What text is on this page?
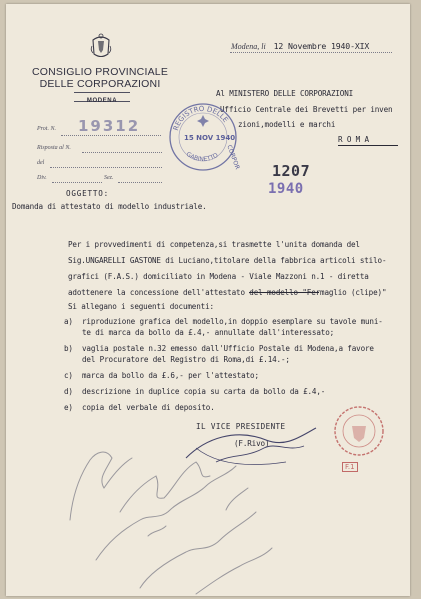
CONSIGLIO PROVINCIALE
DELLE CORPORAZIONI
MODENA
Modena, li 12 Novembre 1940-XIX
Al MINISTERO DELLE CORPORAZIONI
Ufficio Centrale dei Brevetti per inven
zioni,modelli e marchi
R O M A
Prot. N. 19312
Risposta al N.
del
Div.	Sez.
REGISTRO DELLE
GABINETTO
15 NOV 1940
CORPOR
1207
1940
OGGETTO:
Domanda di attestato di modello industriale.
Per i provvedimenti di competenza,si trasmette l'unita domanda del
Sig.UNGARELLI GASTONE di Luciano,titolare della fabbrica articoli stilo-
grafici (F.A.S.) domiciliato in Modena - Viale Mazzoni n.1 - diretta
adottenere la concessione dell'attestato del modello "Fermaglio (clipe)"
Si allegano i seguenti documenti:
a) riproduzione grafica del modello,in doppio esemplare su tavole muni-
te di marca da bollo da £.4,- annullate dall'interessato;
b) vaglia postale n.32 emesso dall'Ufficio Postale di Modena,a favore
del Procuratore del Registro di Roma,di £.14.-;
c) marca da bollo da £.6,- per l'attestato;
d) descrizione in duplice copia su carta da bollo da £.4,-
e) copia del verbale di deposito.
IL VICE PRESIDENTE
(F.Rivo)
F.1
